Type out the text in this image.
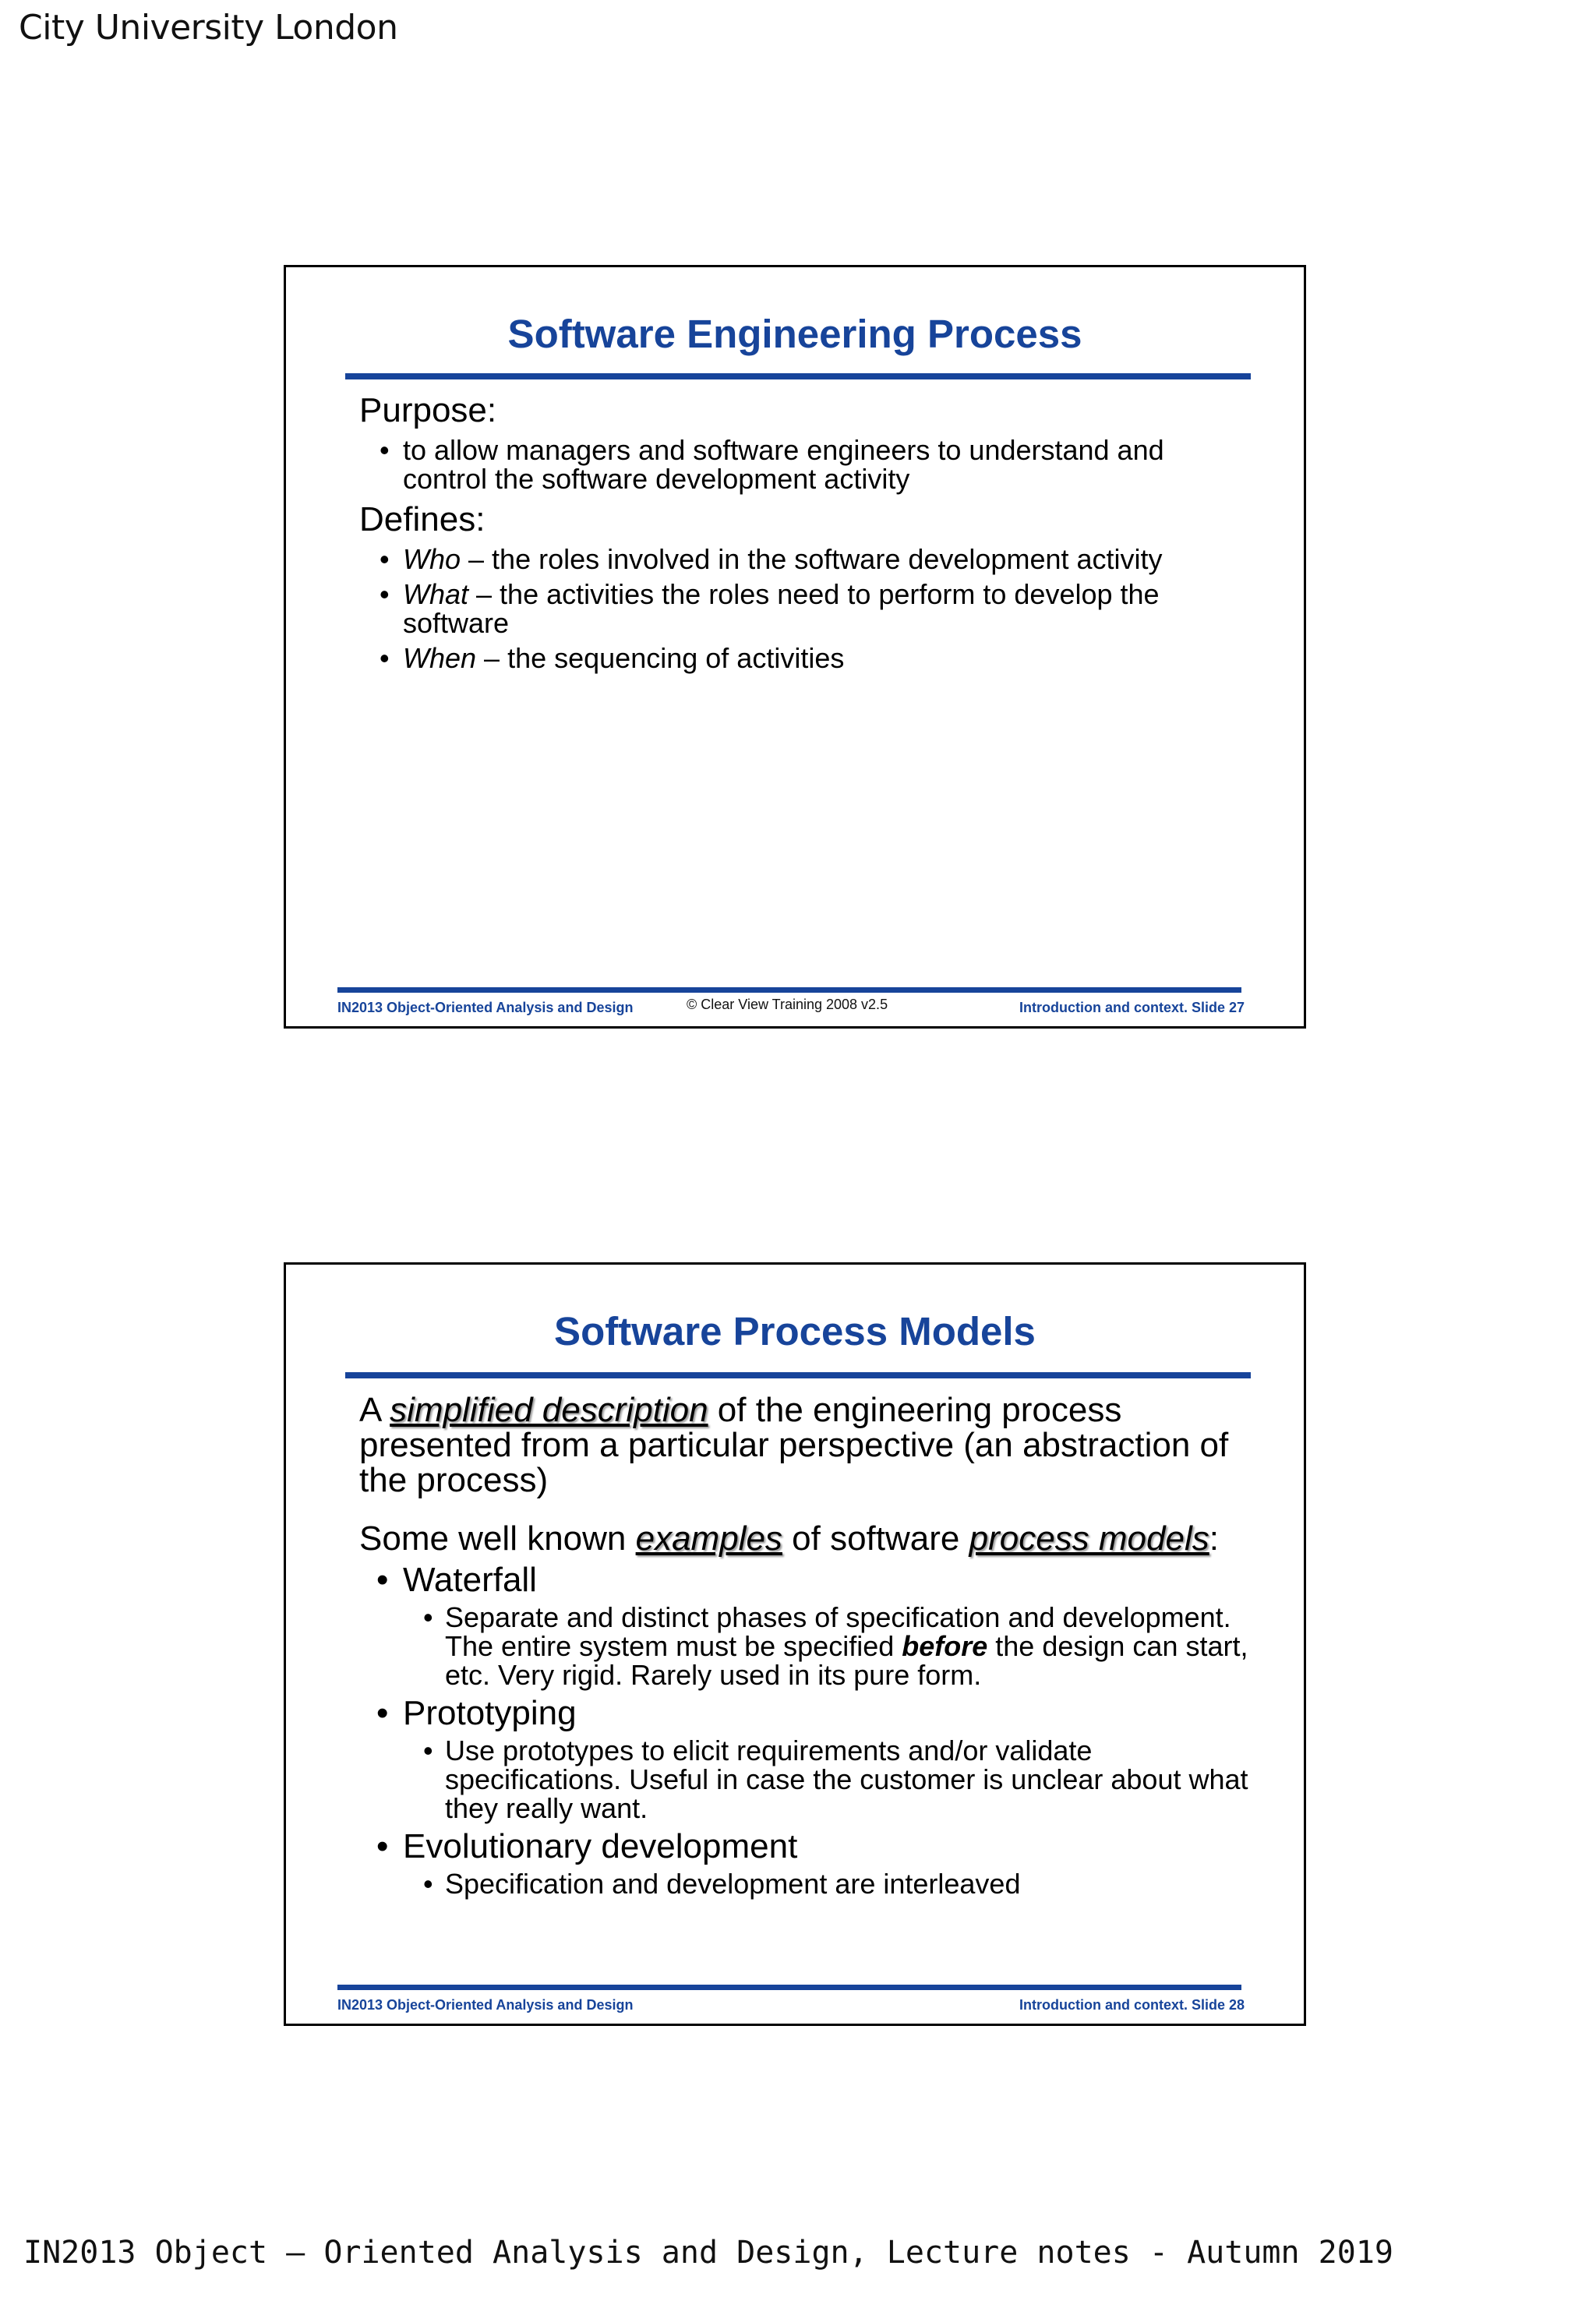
City University London
Software Engineering Process

Purpose:

• to allow managers and software engineers to understand and control the software development activity

Defines:

• Who – the roles involved in the software development activity
• What – the activities the roles need to perform to develop the software
• When – the sequencing of activities
IN2013 Object-Oriented Analysis and Design	© Clear View Training 2008 v2.5	Introduction and context. Slide 27
Software Process Models

A simplified description of the engineering process presented from a particular perspective (an abstraction of the process)

Some well known examples of software process models:

• Waterfall
• Separate and distinct phases of specification and development. The entire system must be specified before the design can start, etc. Very rigid. Rarely used in its pure form.
• Prototyping
• Use prototypes to elicit requirements and/or validate specifications. Useful in case the customer is unclear about what they really want.
• Evolutionary development
• Specification and development are interleaved
IN2013 Object-Oriented Analysis and Design	Introduction and context. Slide 28
IN2013 Object – Oriented Analysis and Design, Lecture notes - Autumn 2019
